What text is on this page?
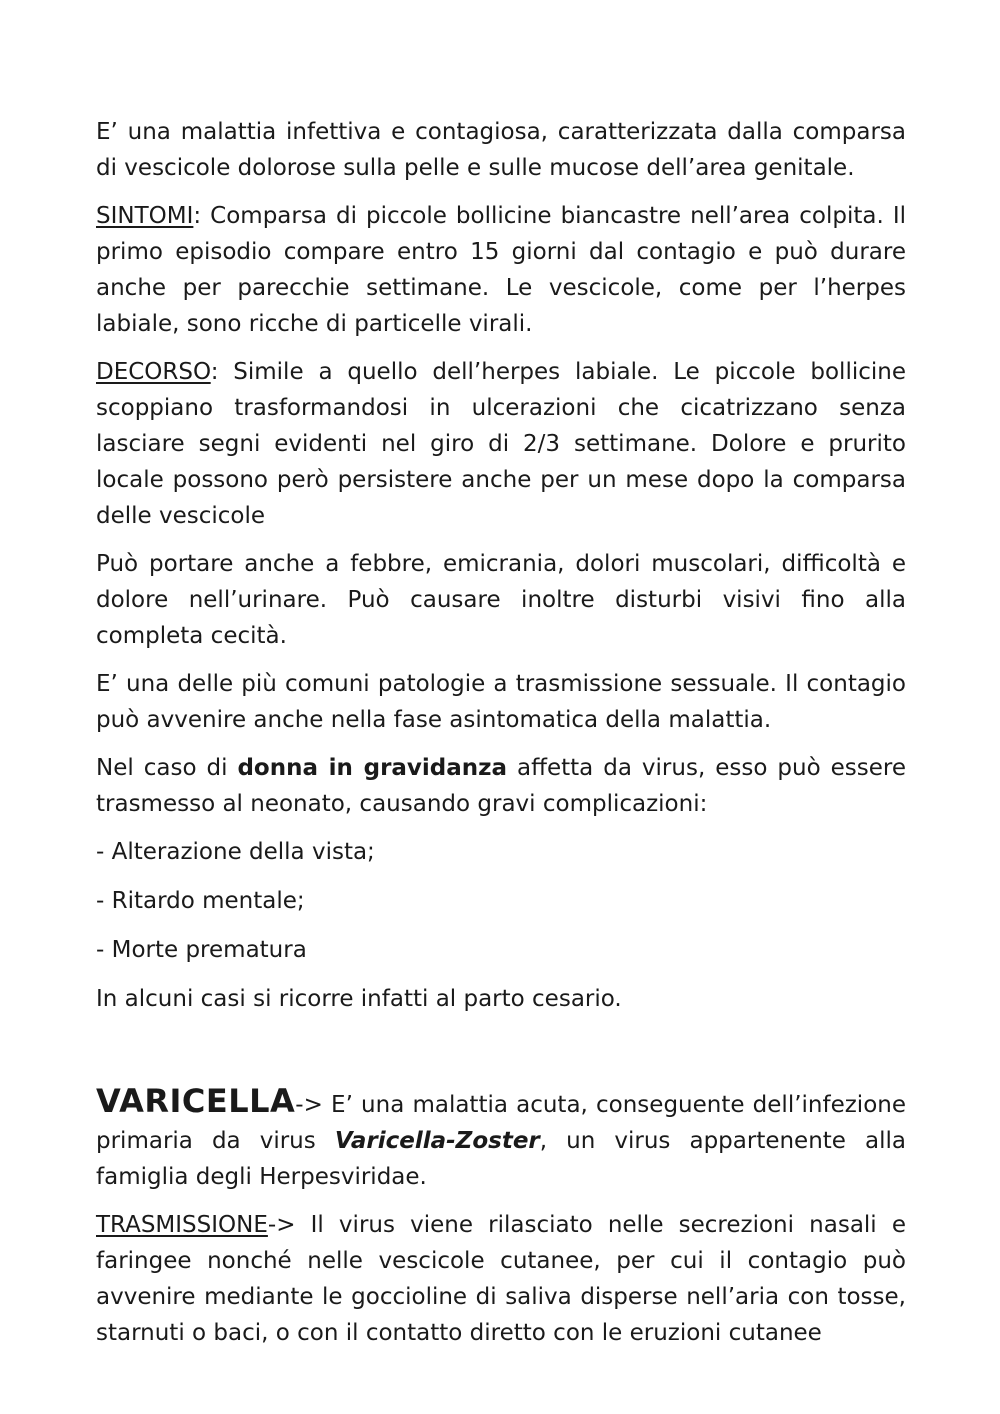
E’ una malattia infettiva e contagiosa, caratterizzata dalla comparsa di vescicole dolorose sulla pelle e sulle mucose dell’area genitale.

SINTOMI: Comparsa di piccole bollicine biancastre nell’area colpita. Il primo episodio compare entro 15 giorni dal contagio e può durare anche per parecchie settimane. Le vescicole, come per l’herpes labiale, sono ricche di particelle virali.

DECORSO: Simile a quello dell’herpes labiale. Le piccole bollicine scoppiano trasformandosi in ulcerazioni che cicatrizzano senza lasciare segni evidenti nel giro di 2/3 settimane. Dolore e prurito locale possono però persistere anche per un mese dopo la comparsa delle vescicole

Può portare anche a febbre, emicrania, dolori muscolari, difficoltà e dolore nell’urinare. Può causare inoltre disturbi visivi fino alla completa cecità.

E’ una delle più comuni patologie a trasmissione sessuale. Il contagio può avvenire anche nella fase asintomatica della malattia.

Nel caso di donna in gravidanza affetta da virus, esso può essere trasmesso al neonato, causando gravi complicazioni:

- Alterazione della vista;

- Ritardo mentale;

- Morte prematura

In alcuni casi si ricorre infatti al parto cesario.

VARICELLA-> E’ una malattia acuta, conseguente dell’infezione primaria da virus Varicella-Zoster, un virus appartenente alla famiglia degli Herpesviridae.

TRASMISSIONE-> Il virus viene rilasciato nelle secrezioni nasali e faringee nonché nelle vescicole cutanee, per cui il contagio può avvenire mediante le goccioline di saliva disperse nell’aria con tosse, starnuti o baci, o con il contatto diretto con le eruzioni cutanee
